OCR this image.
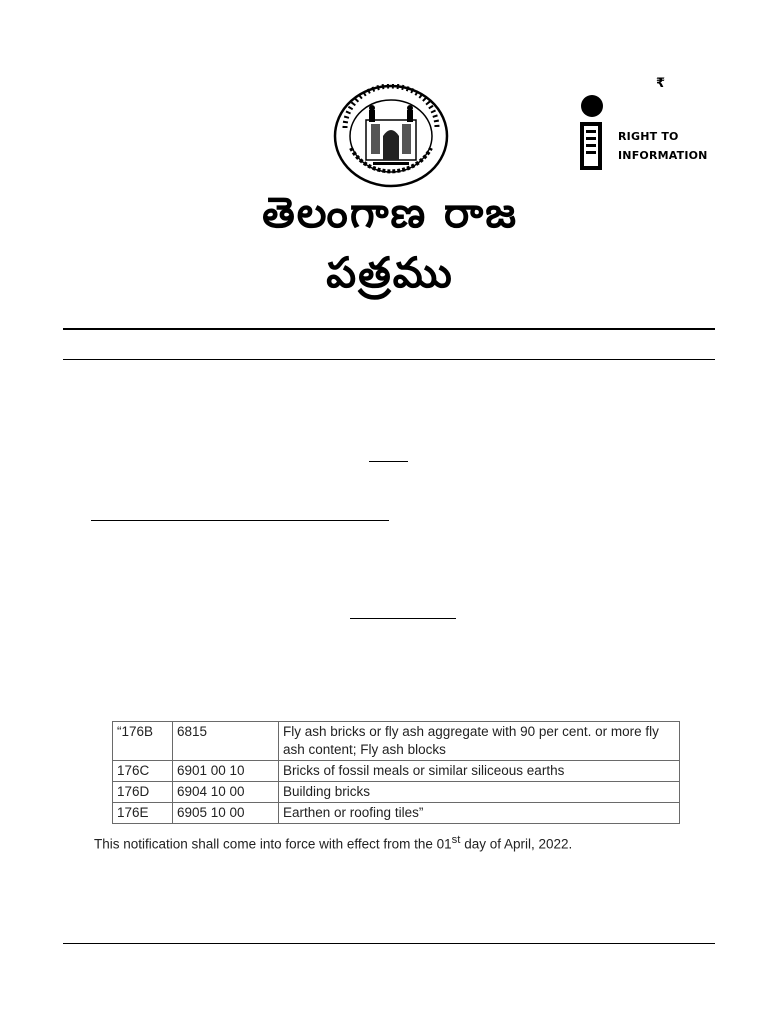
₹
RIGHT TO
INFORMATION
తెలంగాణ రాజ పత్రము
“176B	6815	Fly ash bricks or fly ash aggregate with 90 per cent. or more fly ash content; Fly ash blocks
176C	6901 00 10	Bricks of fossil meals or similar siliceous earths
176D	6904 10 00	Building bricks
176E	6905 10 00	Earthen or roofing tiles”
This notification shall come into force with effect from the 01st day of April, 2022.
